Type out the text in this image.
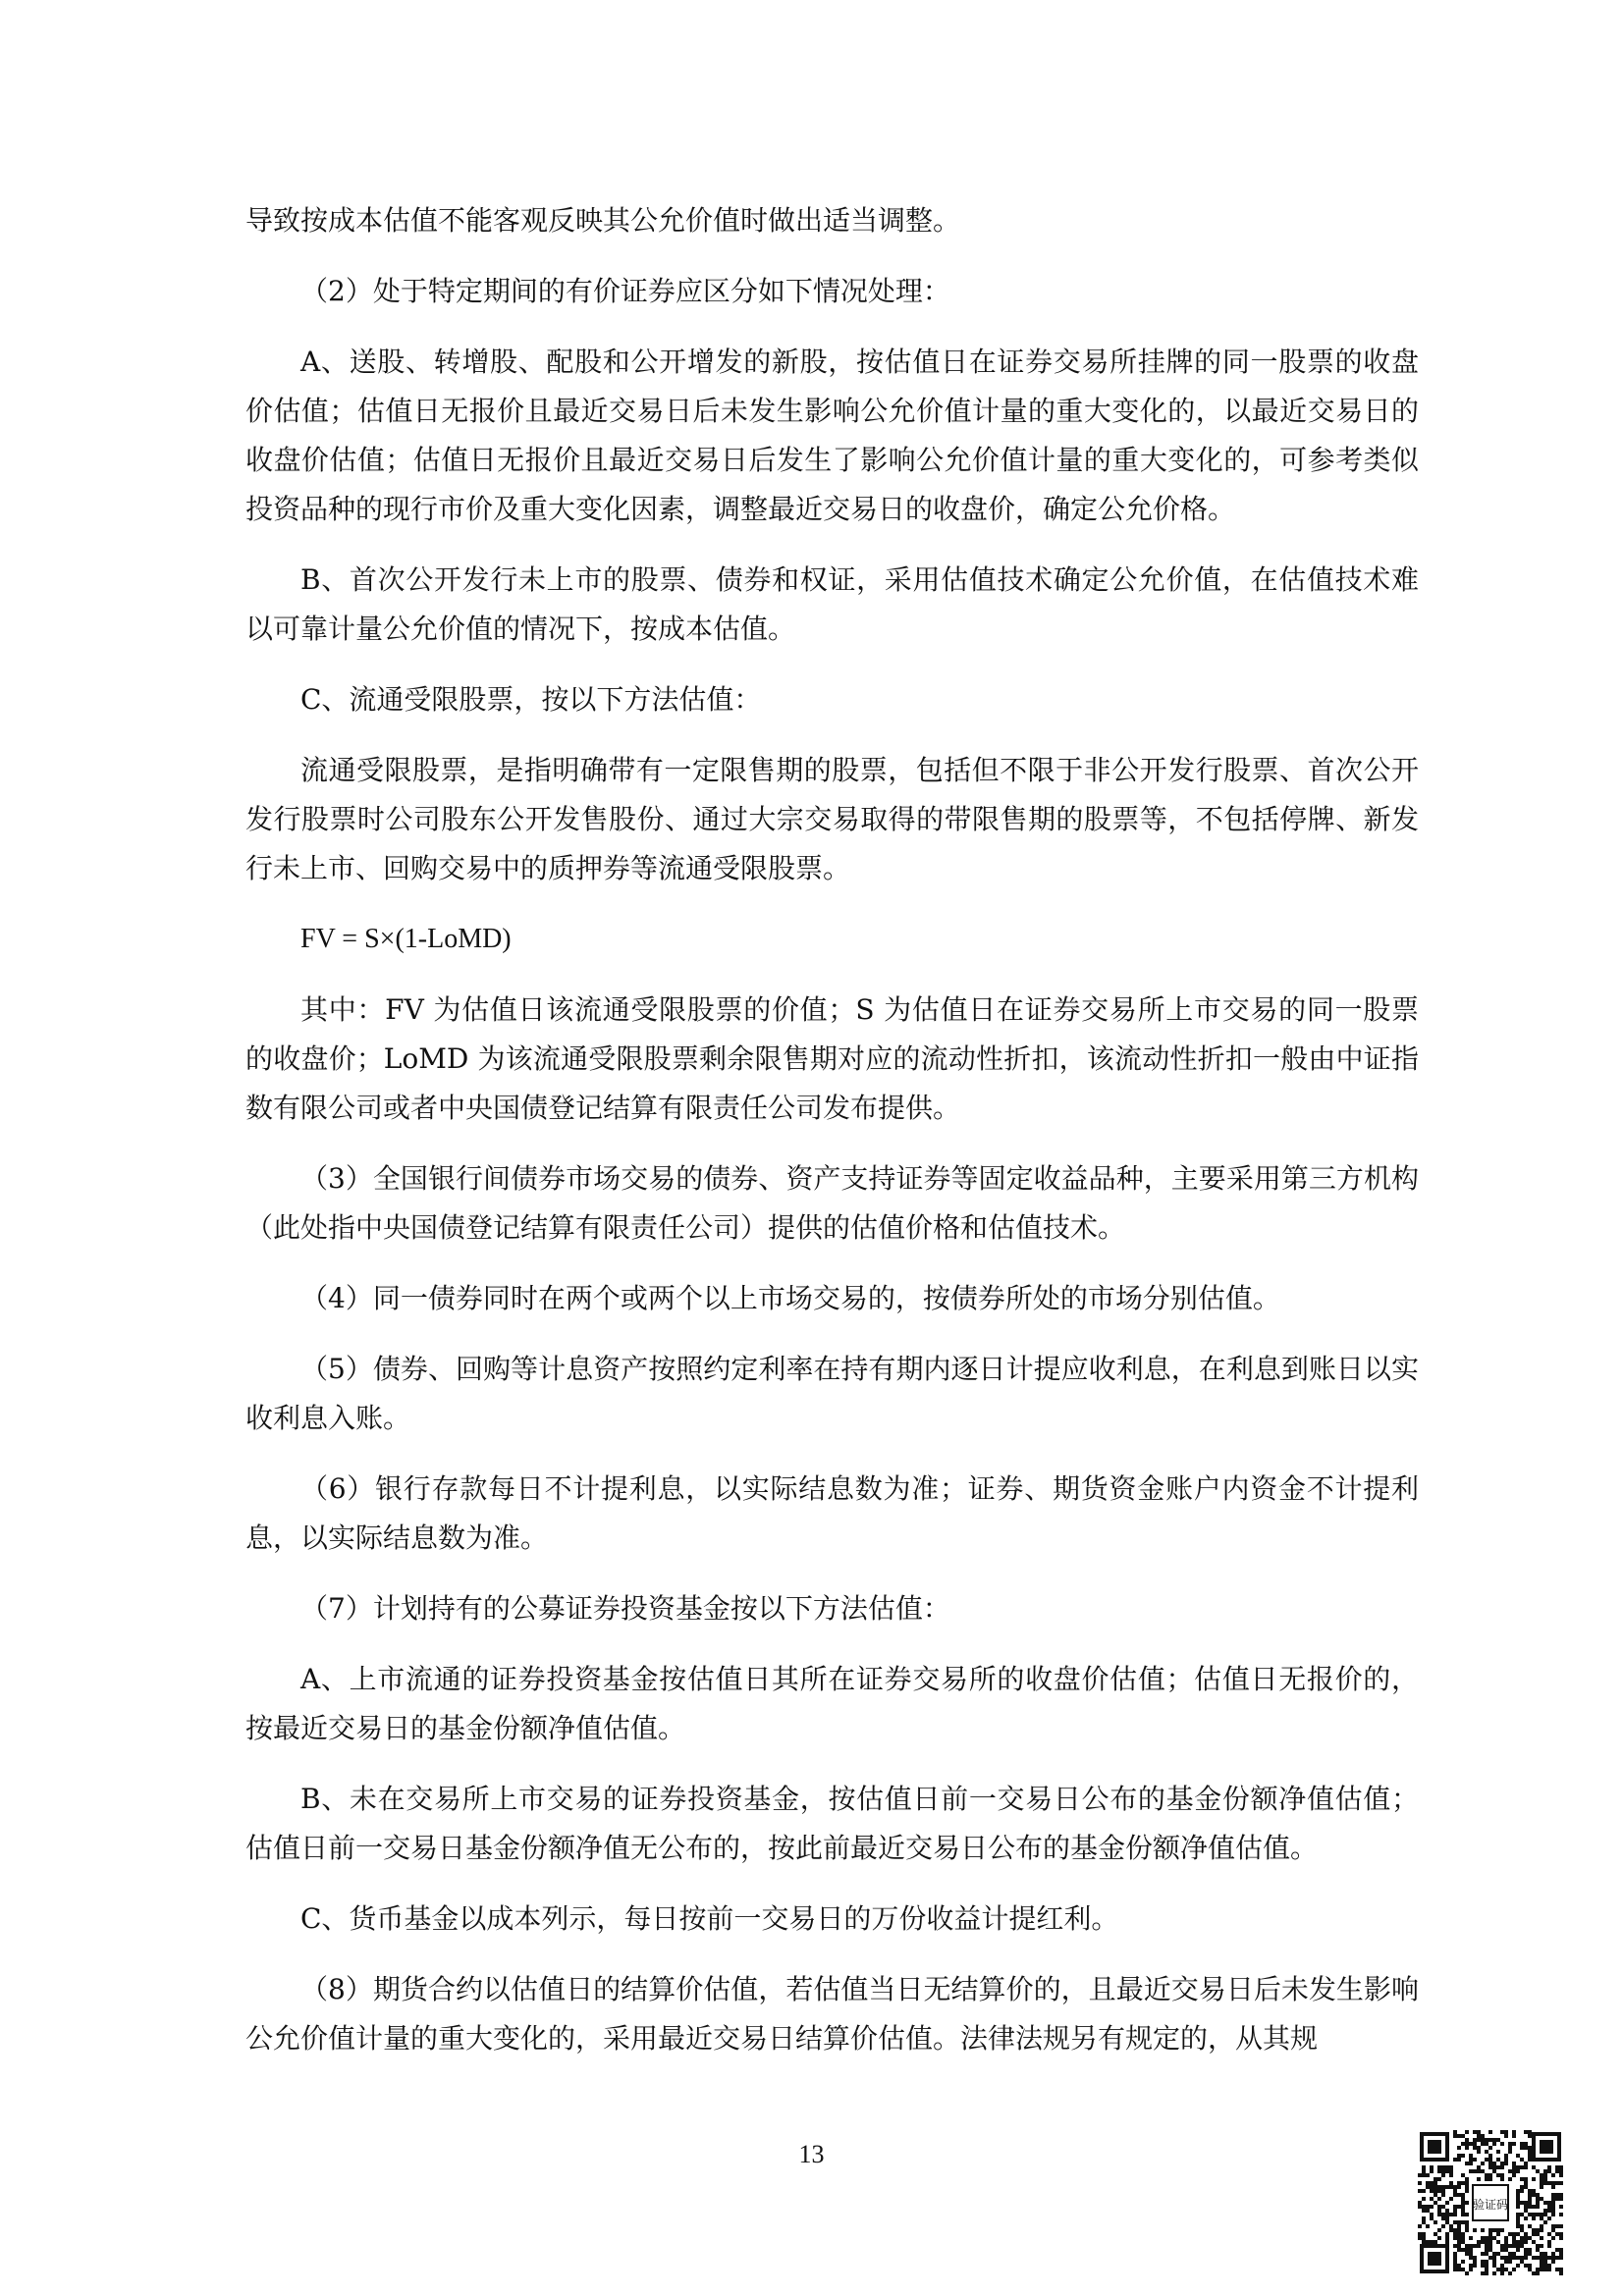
导致按成本估值不能客观反映其公允价值时做出适当调整。

（2）处于特定期间的有价证券应区分如下情况处理：

A、送股、转增股、配股和公开增发的新股，按估值日在证券交易所挂牌的同一股票的收盘价估值；估值日无报价且最近交易日后未发生影响公允价值计量的重大变化的，以最近交易日的收盘价估值；估值日无报价且最近交易日后发生了影响公允价值计量的重大变化的，可参考类似投资品种的现行市价及重大变化因素，调整最近交易日的收盘价，确定公允价格。

B、首次公开发行未上市的股票、债券和权证，采用估值技术确定公允价值，在估值技术难以可靠计量公允价值的情况下，按成本估值。

C、流通受限股票，按以下方法估值：

流通受限股票，是指明确带有一定限售期的股票，包括但不限于非公开发行股票、首次公开发行股票时公司股东公开发售股份、通过大宗交易取得的带限售期的股票等，不包括停牌、新发行未上市、回购交易中的质押券等流通受限股票。

FV = S×(1-LoMD)

其中：FV 为估值日该流通受限股票的价值；S 为估值日在证券交易所上市交易的同一股票的收盘价；LoMD 为该流通受限股票剩余限售期对应的流动性折扣，该流动性折扣一般由中证指数有限公司或者中央国债登记结算有限责任公司发布提供。

（3）全国银行间债券市场交易的债券、资产支持证券等固定收益品种，主要采用第三方机构（此处指中央国债登记结算有限责任公司）提供的估值价格和估值技术。

（4）同一债券同时在两个或两个以上市场交易的，按债券所处的市场分别估值。

（5）债券、回购等计息资产按照约定利率在持有期内逐日计提应收利息，在利息到账日以实收利息入账。

（6）银行存款每日不计提利息，以实际结息数为准；证券、期货资金账户内资金不计提利息，以实际结息数为准。

（7）计划持有的公募证券投资基金按以下方法估值：

A、上市流通的证券投资基金按估值日其所在证券交易所的收盘价估值；估值日无报价的，按最近交易日的基金份额净值估值。

B、未在交易所上市交易的证券投资基金，按估值日前一交易日公布的基金份额净值估值；估值日前一交易日基金份额净值无公布的，按此前最近交易日公布的基金份额净值估值。

C、货币基金以成本列示，每日按前一交易日的万份收益计提红利。

（8）期货合约以估值日的结算价估值，若估值当日无结算价的，且最近交易日后未发生影响公允价值计量的重大变化的，采用最近交易日结算价估值。法律法规另有规定的，从其规

13
验证码
